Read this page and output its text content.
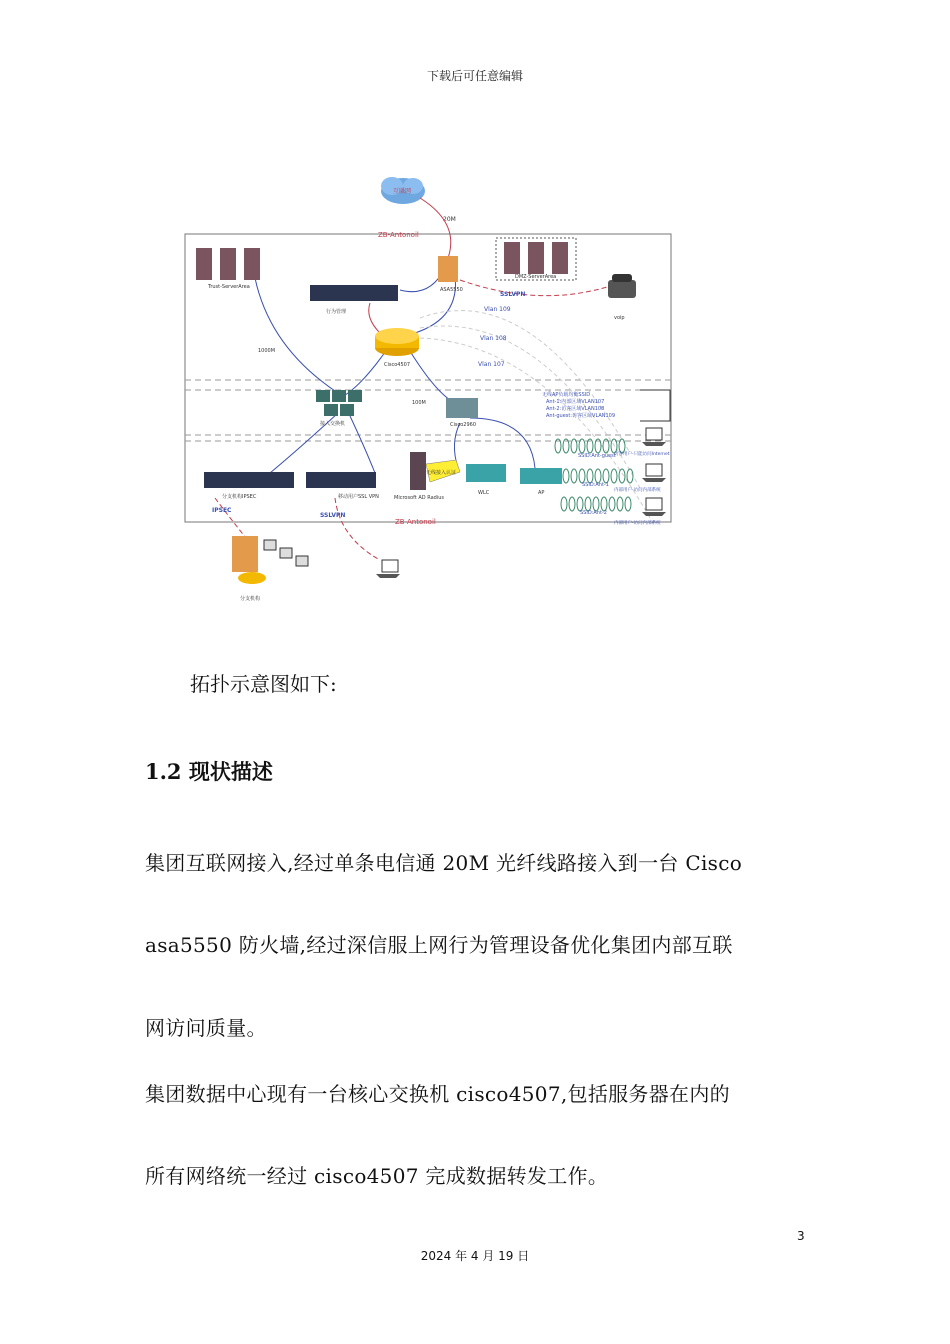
下载后可任意编辑
ZB-Antonoil
ZB-Antonoil
互联网
20M
Trust-ServerArea
DMZ-ServerArea
行为管理
ASA5550
SSLVPN
voip
Vlan 109
Vlan 108
Vlan 107
Cisco4507
1000M
100M
接入交换机	Cisco2960
无线AP负载均衡SSID
Ant-1:内部区域VLAN107
Ant-2:访客区域VLAN108
Ant-guest:访客区域VLAN109
SSID:Ant-guest
SSID:Ant-1
SSID:Ant-2
访客用户-只能访问Internet
内部用户-访问内部系统
内部用户-访问内部系统
分支机构IPSEC	移动用户SSL VPN	Microsoft AD Radius
无线接入认证
WLC	AP
IPSEC
SSLVPN
分支机构
拓扑示意图如下:
1.2 现状描述
集团互联网接入,经过单条电信通 20M 光纤线路接入到一台 Cisco
asa5550 防火墙,经过深信服上网行为管理设备优化集团内部互联
网访问质量。
集团数据中心现有一台核心交换机 cisco4507,包括服务器在内的
所有网络统一经过 cisco4507 完成数据转发工作。
3
2024 年 4 月 19 日
